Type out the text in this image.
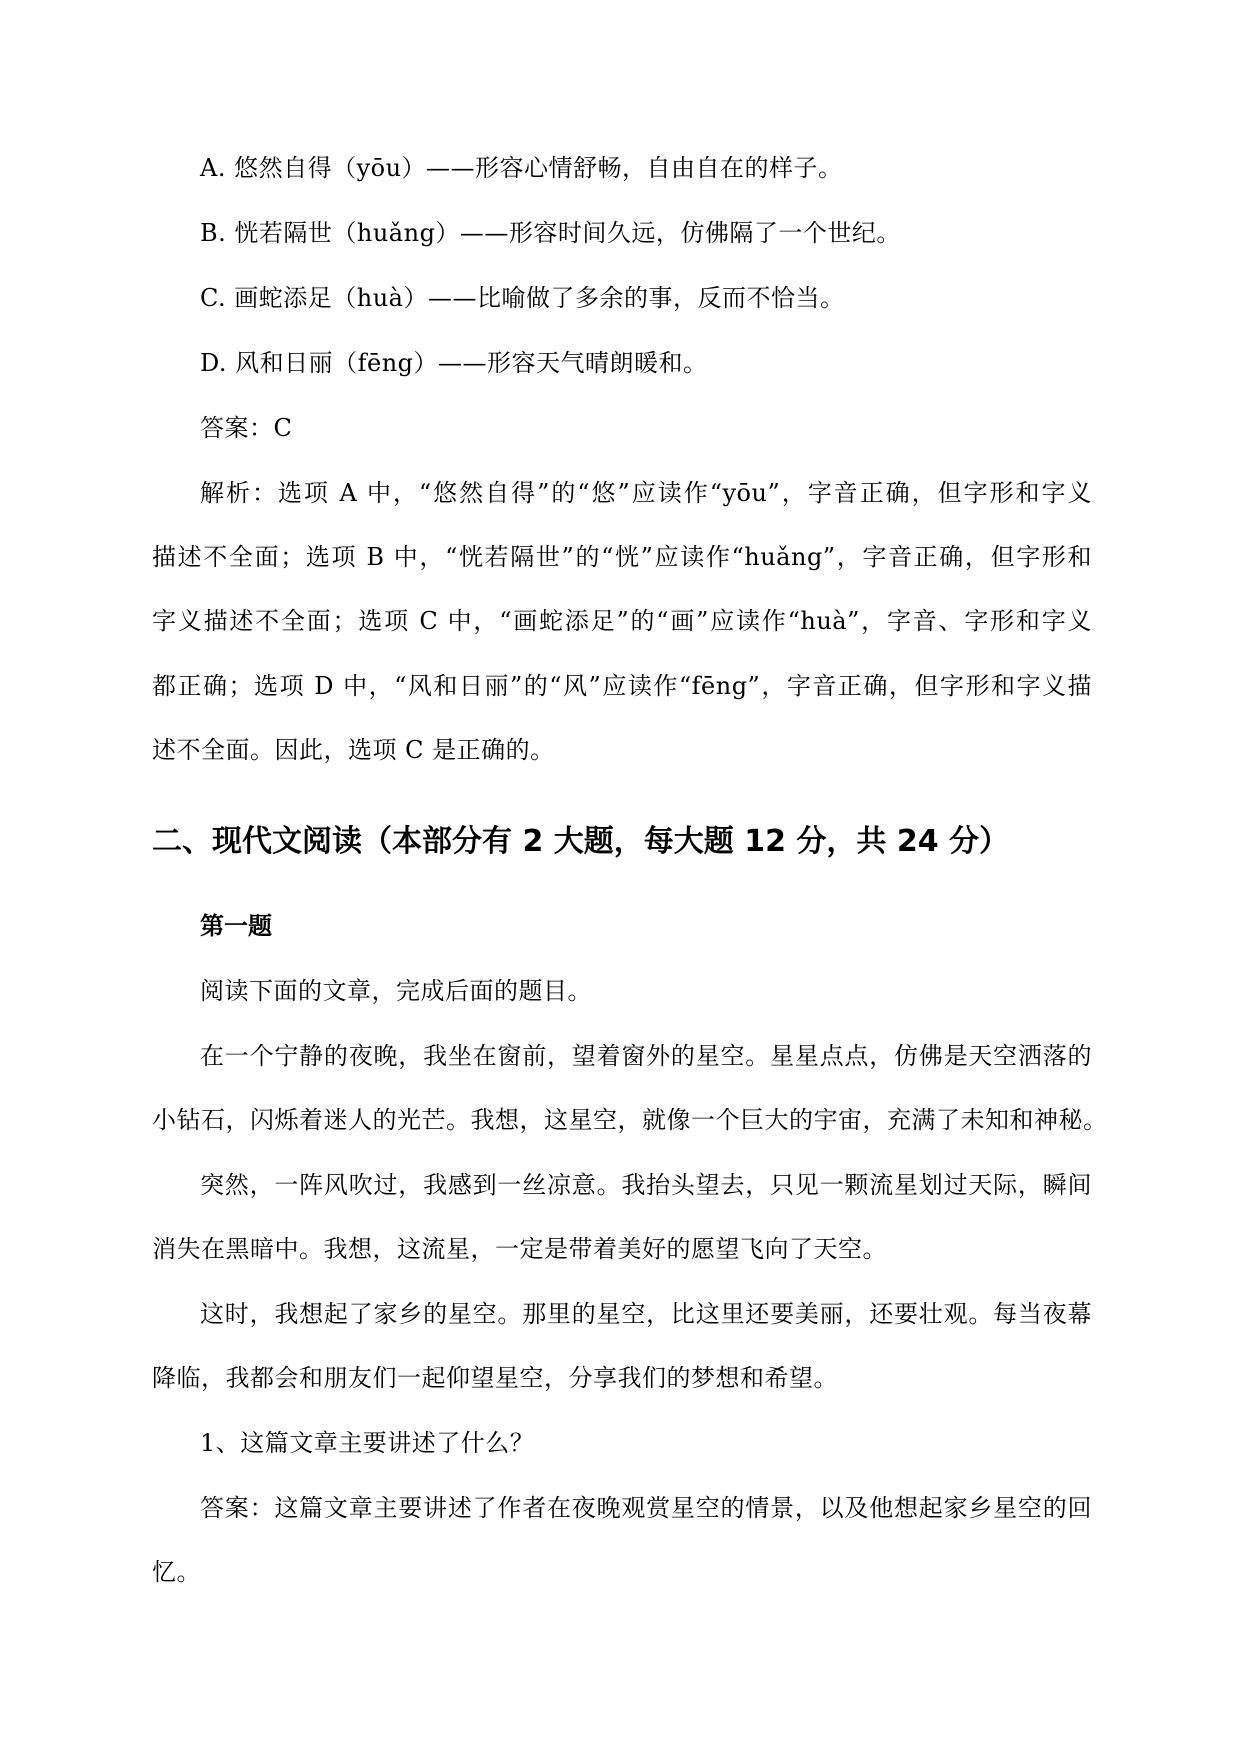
A. 悠然自得（yōu）——形容心情舒畅，自由自在的样子。
B. 恍若隔世（huǎng）——形容时间久远，仿佛隔了一个世纪。
C. 画蛇添足（huà）——比喻做了多余的事，反而不恰当。
D. 风和日丽（fēng）——形容天气晴朗暖和。
答案：C
解析：选项 A 中，“悠然自得”的“悠”应读作“yōu”，字音正确，但字形和字义
描述不全面；选项 B 中，“恍若隔世”的“恍”应读作“huǎng”，字音正确，但字形和
字义描述不全面；选项 C 中，“画蛇添足”的“画”应读作“huà”，字音、字形和字义
都正确；选项 D 中，“风和日丽”的“风”应读作“fēng”，字音正确，但字形和字义描
述不全面。因此，选项 C 是正确的。
二、现代文阅读（本部分有 2 大题，每大题 12 分，共 24 分）
第一题
阅读下面的文章，完成后面的题目。
在一个宁静的夜晚，我坐在窗前，望着窗外的星空。星星点点，仿佛是天空洒落的
小钻石，闪烁着迷人的光芒。我想，这星空，就像一个巨大的宇宙，充满了未知和神秘。
突然，一阵风吹过，我感到一丝凉意。我抬头望去，只见一颗流星划过天际，瞬间
消失在黑暗中。我想，这流星，一定是带着美好的愿望飞向了天空。
这时，我想起了家乡的星空。那里的星空，比这里还要美丽，还要壮观。每当夜幕
降临，我都会和朋友们一起仰望星空，分享我们的梦想和希望。
1、这篇文章主要讲述了什么？
答案：这篇文章主要讲述了作者在夜晚观赏星空的情景，以及他想起家乡星空的回
忆。
